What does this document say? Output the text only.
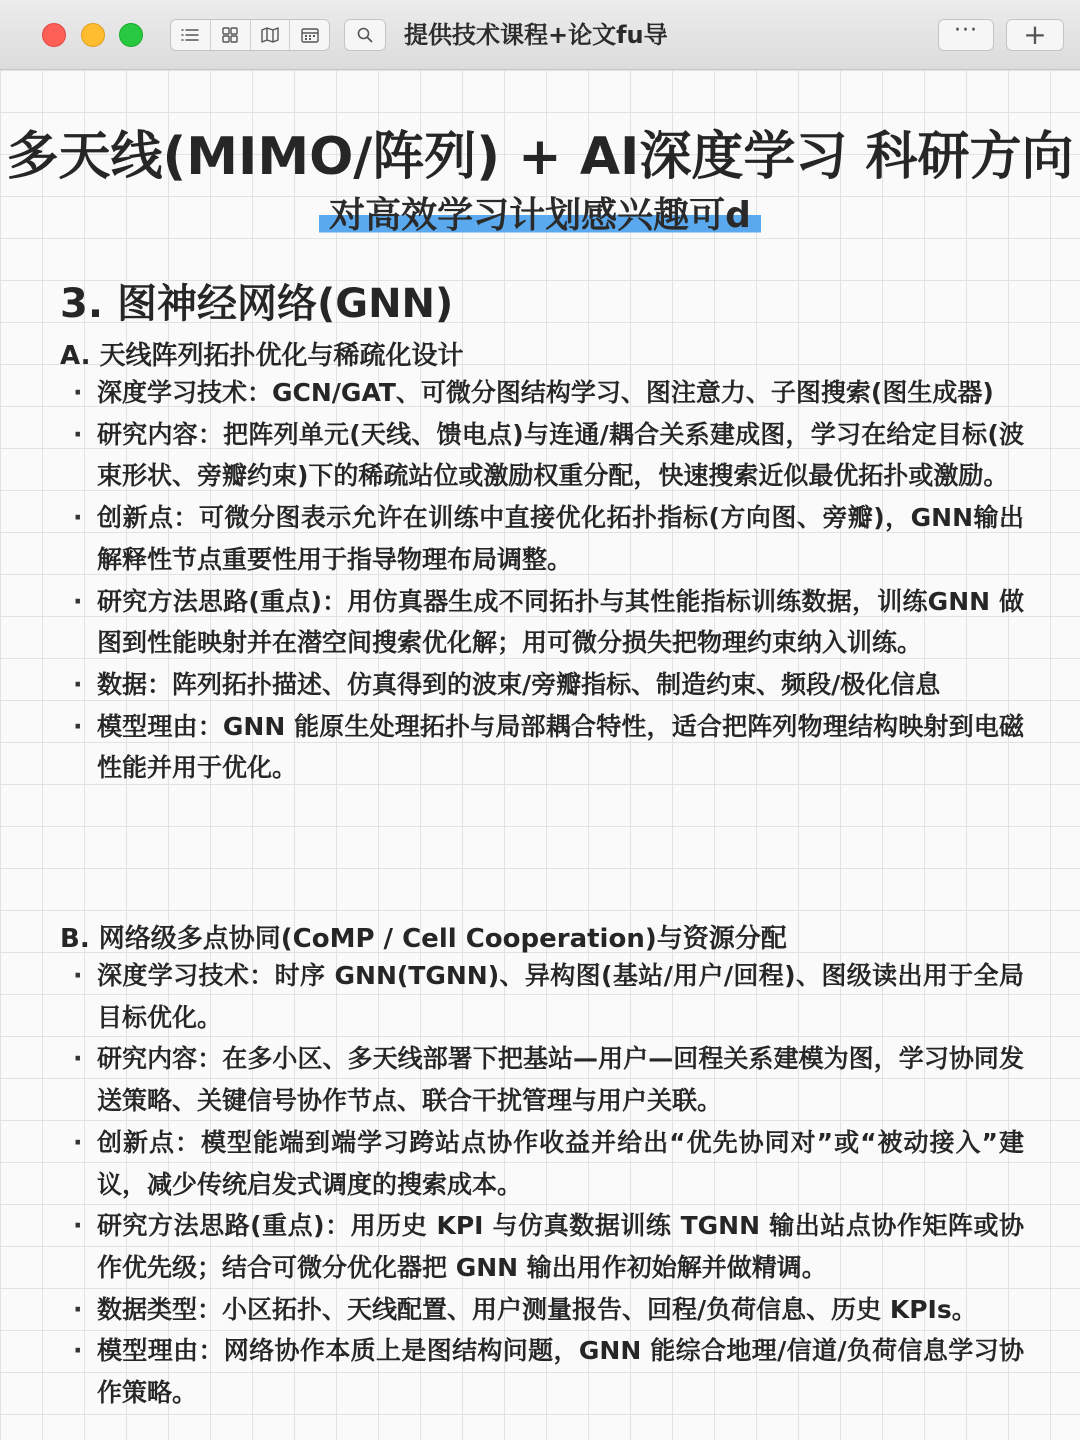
提供技术课程+论文fu导	··· +
多天线(MIMO/阵列) + AI深度学习 科研方向
对高效学习计划感兴趣可d
3. 图神经网络(GNN)
A. 天线阵列拓扑优化与稀疏化设计
· 深度学习技术：GCN/GAT、可微分图结构学习、图注意力、子图搜索(图生成器)
· 研究内容：把阵列单元(天线、馈电点)与连通/耦合关系建成图，学习在给定目标(波束形状、旁瓣约束)下的稀疏站位或激励权重分配，快速搜索近似最优拓扑或激励。
· 创新点：可微分图表示允许在训练中直接优化拓扑指标(方向图、旁瓣)，GNN输出解释性节点重要性用于指导物理布局调整。
· 研究方法思路(重点)：用仿真器生成不同拓扑与其性能指标训练数据，训练GNN 做图到性能映射并在潜空间搜索优化解；用可微分损失把物理约束纳入训练。
· 数据：阵列拓扑描述、仿真得到的波束/旁瓣指标、制造约束、频段/极化信息
· 模型理由：GNN 能原生处理拓扑与局部耦合特性，适合把阵列物理结构映射到电磁性能并用于优化。
B. 网络级多点协同(CoMP / Cell Cooperation)与资源分配
· 深度学习技术：时序 GNN(TGNN)、异构图(基站/用户/回程)、图级读出用于全局目标优化。
· 研究内容：在多小区、多天线部署下把基站—用户—回程关系建模为图，学习协同发送策略、关键信号协作节点、联合干扰管理与用户关联。
· 创新点：模型能端到端学习跨站点协作收益并给出“优先协同对”或“被动接入”建议，减少传统启发式调度的搜索成本。
· 研究方法思路(重点)：用历史 KPI 与仿真数据训练 TGNN 输出站点协作矩阵或协作优先级；结合可微分优化器把 GNN 输出用作初始解并做精调。
· 数据类型：小区拓扑、天线配置、用户测量报告、回程/负荷信息、历史 KPIs。
· 模型理由：网络协作本质上是图结构问题，GNN 能综合地理/信道/负荷信息学习协作策略。
